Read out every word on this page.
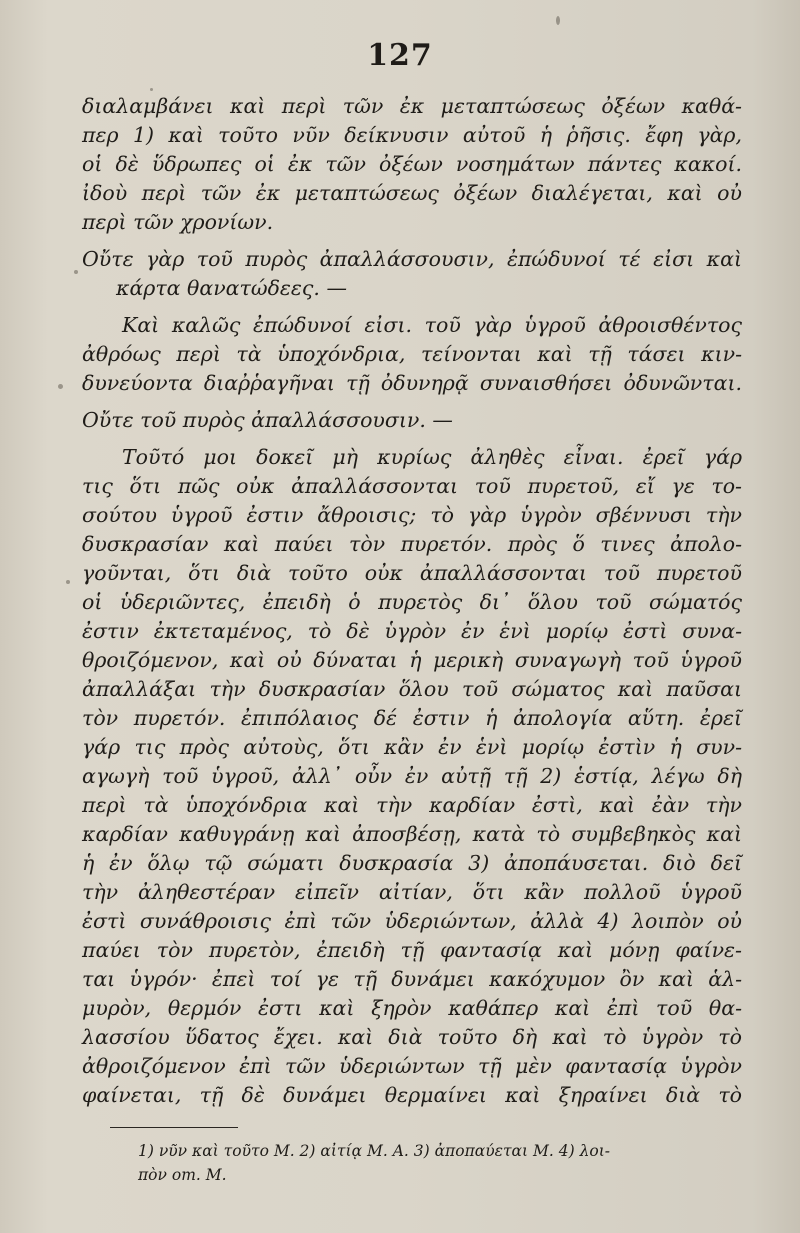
127
διαλαμβάνει καὶ περὶ τῶν ἐκ μεταπτώσεως ὀξέων καθά-
περ 1) καὶ τοῦτο νῦν δείκνυσιν αὐτοῦ ἡ ῥῆσις. ἔφη γὰρ,
οἱ δὲ ὕδρωπες οἱ ἐκ τῶν ὀξέων νοσημάτων πάντες κακοί.
ἰδοὺ περὶ τῶν ἐκ μεταπτώσεως ὀξέων διαλέγεται, καὶ οὐ
περὶ τῶν χρονίων.
Οὔτε γὰρ τοῦ πυρὸς ἀπαλλάσσουσιν, ἐπώδυνοί τέ εἰσι καὶ
κάρτα θανατώδεες. —
Καὶ καλῶς ἐπώδυνοί εἰσι. τοῦ γὰρ ὑγροῦ ἀθροισθέντος
ἀθρόως περὶ τὰ ὑποχόνδρια, τείνονται καὶ τῇ τάσει κιν-
δυνεύοντα διαῤῥαγῆναι τῇ ὀδυνηρᾷ συναισθήσει ὀδυνῶνται.
Οὔτε τοῦ πυρὸς ἀπαλλάσσουσιν. —
Τοῦτό μοι δοκεῖ μὴ κυρίως ἀληθὲς εἶναι. ἐρεῖ γάρ
τις ὅτι πῶς οὐκ ἀπαλλάσσονται τοῦ πυρετοῦ, εἴ γε το-
σούτου ὑγροῦ ἐστιν ἄθροισις; τὸ γὰρ ὑγρὸν σβέννυσι τὴν
δυσκρασίαν καὶ παύει τὸν πυρετόν. πρὸς ὅ τινες ἀπολο-
γοῦνται, ὅτι διὰ τοῦτο οὐκ ἀπαλλάσσονται τοῦ πυρετοῦ
οἱ ὑδεριῶντες, ἐπειδὴ ὁ πυρετὸς δι᾽ ὅλου τοῦ σώματός
ἐστιν ἐκτεταμένος, τὸ δὲ ὑγρὸν ἐν ἑνὶ μορίῳ ἐστὶ συνα-
θροιζόμενον, καὶ οὐ δύναται ἡ μερικὴ συναγωγὴ τοῦ ὑγροῦ
ἀπαλλάξαι τὴν δυσκρασίαν ὅλου τοῦ σώματος καὶ παῦσαι
τὸν πυρετόν. ἐπιπόλαιος δέ ἐστιν ἡ ἀπολογία αὕτη. ἐρεῖ
γάρ τις πρὸς αὐτοὺς, ὅτι κἂν ἐν ἑνὶ μορίῳ ἐστὶν ἡ συν-
αγωγὴ τοῦ ὑγροῦ, ἀλλ᾽ οὖν ἐν αὐτῇ τῇ 2) ἑστίᾳ, λέγω δὴ
περὶ τὰ ὑποχόνδρια καὶ τὴν καρδίαν ἐστὶ, καὶ ἐὰν τὴν
καρδίαν καθυγράνῃ καὶ ἀποσβέσῃ, κατὰ τὸ συμβεβηκὸς καὶ
ἡ ἐν ὅλῳ τῷ σώματι δυσκρασία 3) ἀποπάυσεται. διὸ δεῖ
τὴν ἀληθεστέραν εἰπεῖν αἰτίαν, ὅτι κἂν πολλοῦ ὑγροῦ
ἐστὶ συνάθροισις ἐπὶ τῶν ὑδεριώντων, ἀλλὰ 4) λοιπὸν οὐ
παύει τὸν πυρετὸν, ἐπειδὴ τῇ φαντασίᾳ καὶ μόνῃ φαίνε-
ται ὑγρόν· ἐπεὶ τοί γε τῇ δυνάμει κακόχυμον ὂν καὶ ἁλ-
μυρὸν, θερμόν ἐστι καὶ ξηρὸν καθάπερ καὶ ἐπὶ τοῦ θα-
λασσίου ὕδατος ἔχει. καὶ διὰ τοῦτο δὴ καὶ τὸ ὑγρὸν τὸ
ἀθροιζόμενον ἐπὶ τῶν ὑδεριώντων τῇ μὲν φαντασίᾳ ὑγρὸν
φαίνεται, τῇ δὲ δυνάμει θερμαίνει καὶ ξηραίνει διὰ τὸ
1) νῦν καὶ τοῦτο M. 2) αἰτίᾳ M. A. 3) ἀποπαύεται M. 4) λοι-
πὸν om. M.
